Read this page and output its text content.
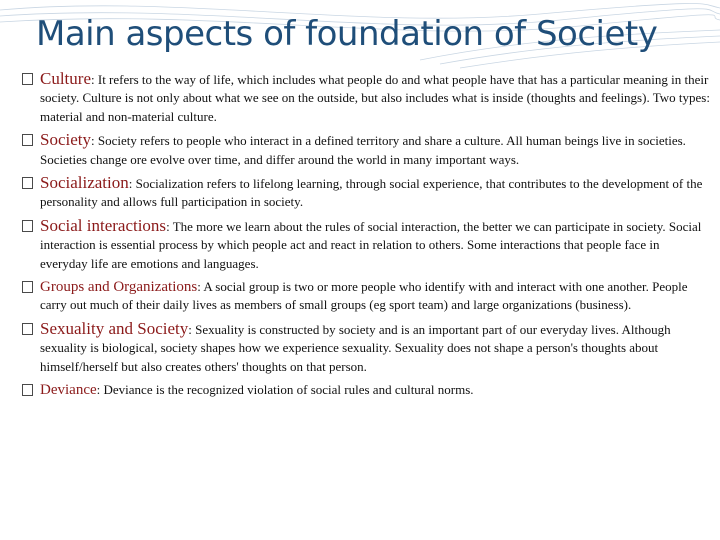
Main aspects of foundation of Society
Culture: It refers to the way of life, which includes what people do and what people have that has a particular meaning in their society. Culture is not only about what we see on the outside, but also includes what is inside (thoughts and feelings). Two types: material and non-material culture.
Society: Society refers to people who interact in a defined territory and share a culture. All human beings live in societies. Societies change ore evolve over time, and differ around the world in many important ways.
Socialization: Socialization refers to lifelong learning, through social experience, that contributes to the development of the personality and allows full participation in society.
Social interactions: The more we learn about the rules of social interaction, the better we can participate in society. Social interaction is essential process by which people act and react in relation to others. Some interactions that people face in everyday life are emotions and languages.
Groups and Organizations: A social group is two or more people who identify with and interact with one another. People carry out much of their daily lives as members of small groups (eg sport team) and large organizations (business).
Sexuality and Society: Sexuality is constructed by society and is an important part of our everyday lives. Although sexuality is biological, society shapes how we experience sexuality. Sexuality does not shape a person's thoughts about himself/herself but also creates others' thoughts on that person.
Deviance: Deviance is the recognized violation of social rules and cultural norms.
